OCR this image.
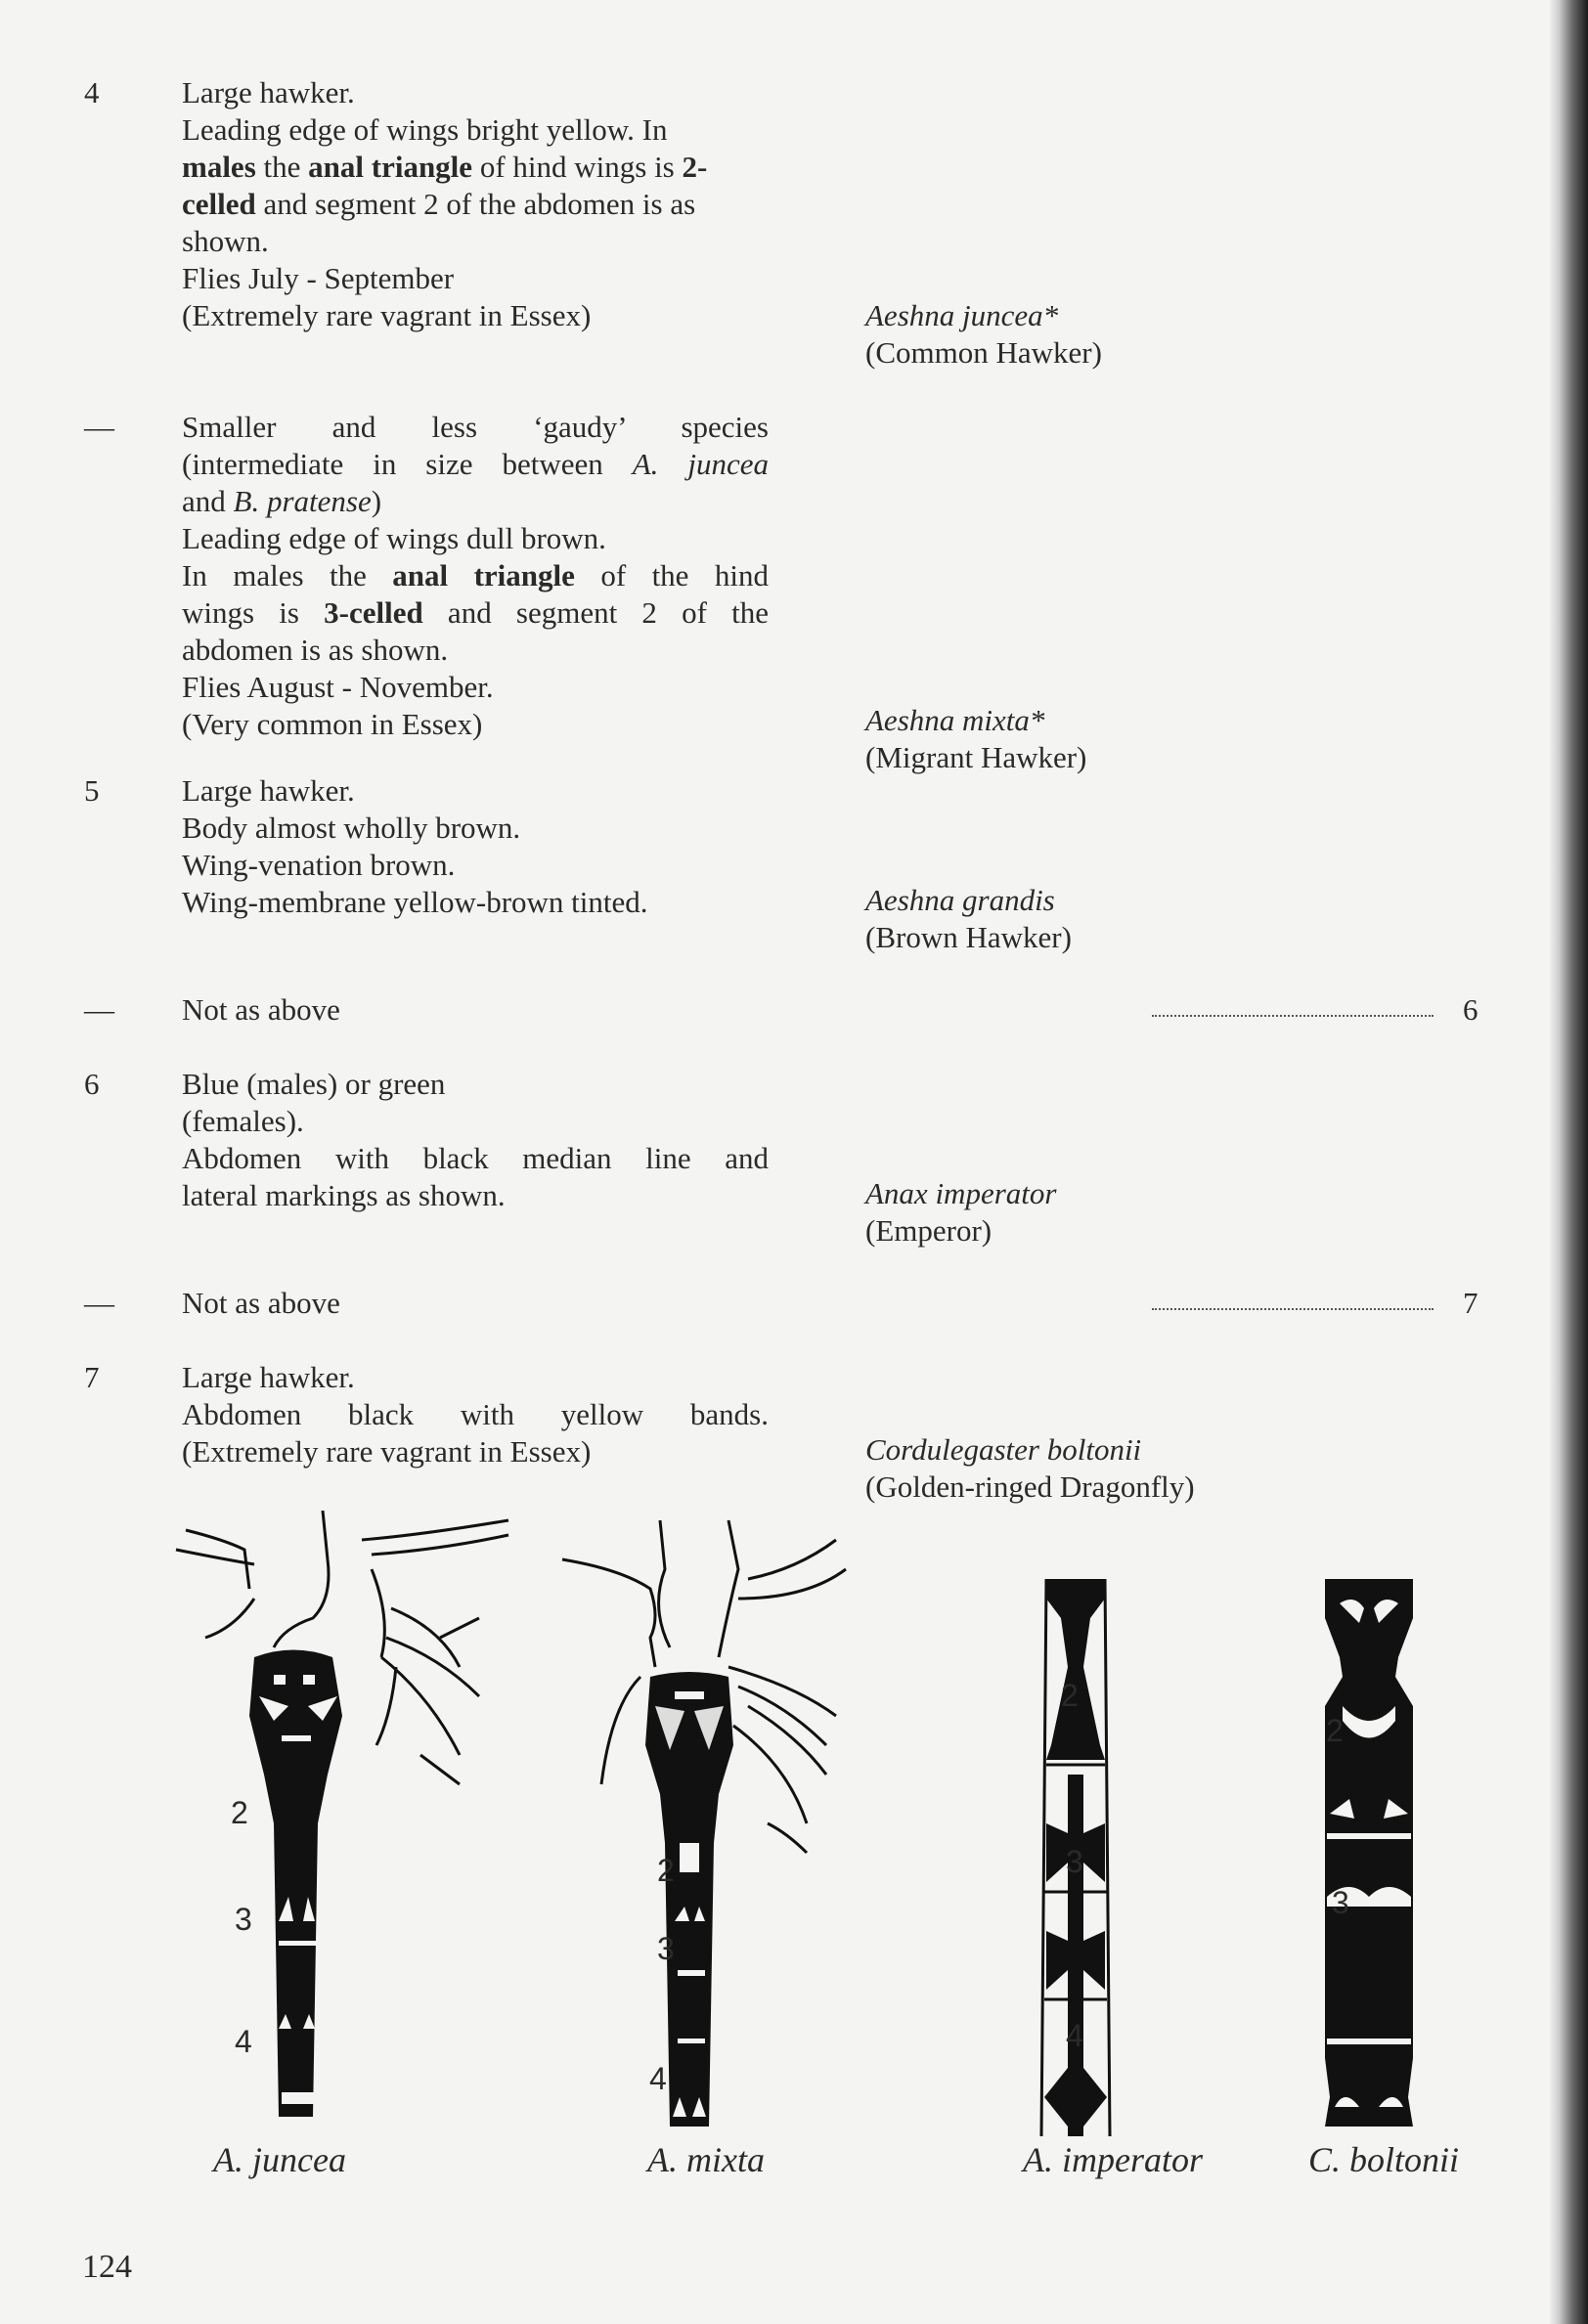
4	Large hawker.
Leading edge of wings bright yellow. In
males the anal triangle of hind wings is 2-
celled and segment 2 of the abdomen is as
shown.
Flies July - September
(Extremely rare vagrant in Essex)	Aeshna juncea*
(Common Hawker)
— Smaller and less ‘gaudy’ species
(intermediate in size between A. juncea
and B. pratense)
Leading edge of wings dull brown.
In males the anal triangle of the hind
wings is 3-celled and segment 2 of the
abdomen is as shown.
Flies August - November.
(Very common in Essex)	Aeshna mixta*
(Migrant Hawker)
5	Large hawker.
Body almost wholly brown.
Wing-venation brown.
Wing-membrane yellow-brown tinted.	Aeshna grandis
(Brown Hawker)
— Not as above	6
6	Blue (males) or green
(females).
Abdomen with black median line and
lateral markings as shown.	Anax imperator
(Emperor)
— Not as above	7
7	Large hawker.
Abdomen black with yellow bands.
(Extremely rare vagrant in Essex)	Cordulegaster boltonii
(Golden-ringed Dragonfly)
2
3
4
2
3
4
2
3
4
2
3
A. juncea	A. mixta	A. imperator	C. boltonii
124
